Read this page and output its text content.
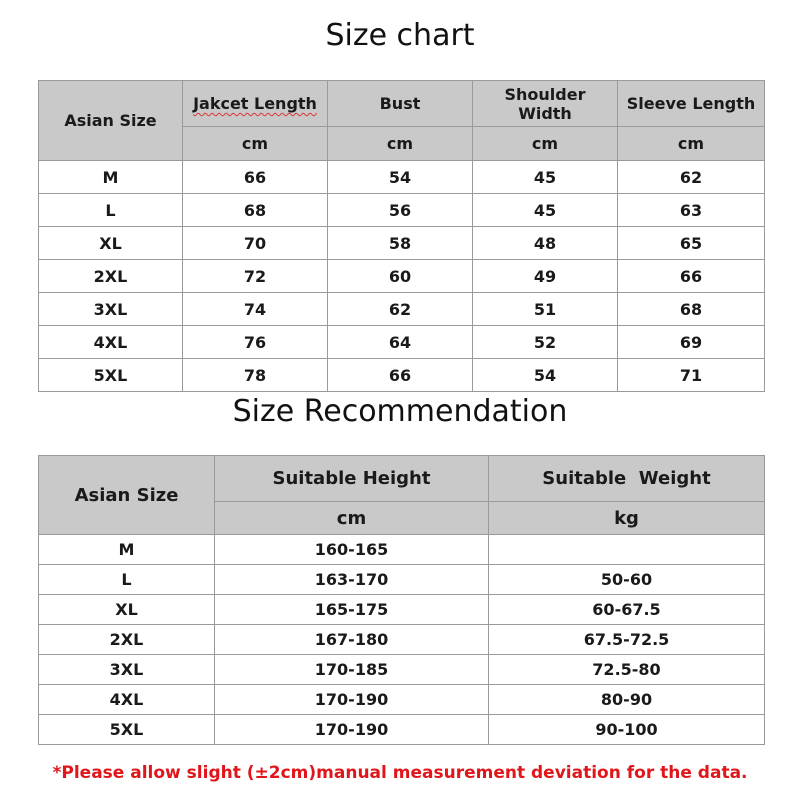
Size chart
Asian Size	Jakcet Length	Bust	Shoulder Width	Sleeve Length
	cm	cm	cm	cm
M	66	54	45	62
L	68	56	45	63
XL	70	58	48	65
2XL	72	60	49	66
3XL	74	62	51	68
4XL	76	64	52	69
5XL	78	66	54	71
Size Recommendation
Asian Size	Suitable Height	Suitable  Weight
	cm	kg
M	160-165	
L	163-170	50-60
XL	165-175	60-67.5
2XL	167-180	67.5-72.5
3XL	170-185	72.5-80
4XL	170-190	80-90
5XL	170-190	90-100
*Please allow slight (±2cm)manual measurement deviation for the data.
